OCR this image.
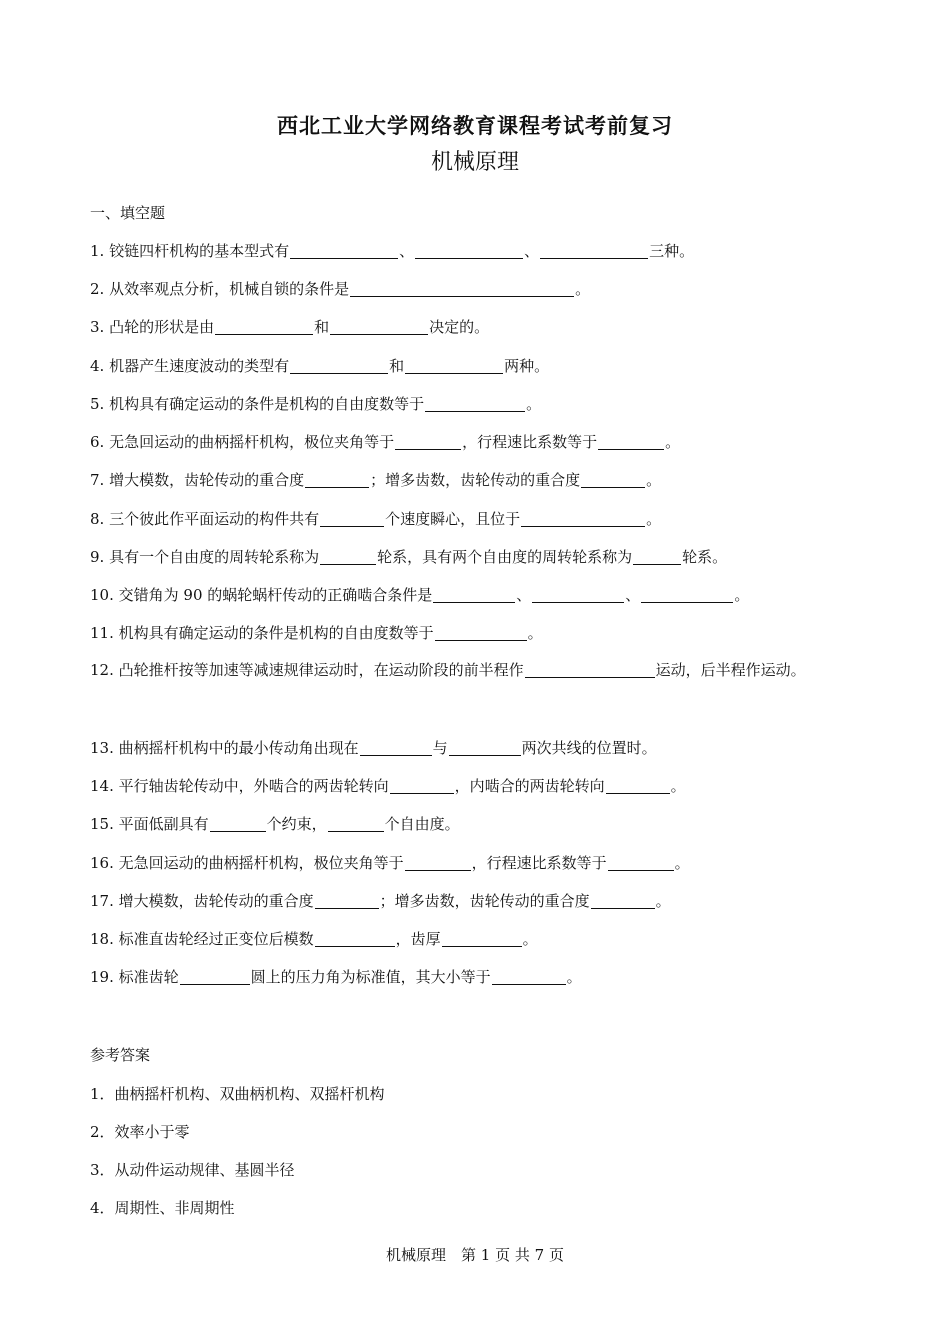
西北工业大学网络教育课程考试考前复习
机械原理
一、填空题
1. 铰链四杆机构的基本型式有	、	、	三种。
2. 从效率观点分析，机械自锁的条件是	。
3. 凸轮的形状是由	和	决定的。
4. 机器产生速度波动的类型有	和	两种。
5. 机构具有确定运动的条件是机构的自由度数等于	。
6. 无急回运动的曲柄摇杆机构，极位夹角等于	，行程速比系数等于	。
7. 增大模数，齿轮传动的重合度	；增多齿数，齿轮传动的重合度	。
8. 三个彼此作平面运动的构件共有	个速度瞬心，且位于	。
9. 具有一个自由度的周转轮系称为	轮系，具有两个自由度的周转轮系称为	轮系。
10. 交错角为 90 的蜗轮蜗杆传动的正确啮合条件是	、	、	。
11. 机构具有确定运动的条件是机构的自由度数等于	。
12. 凸轮推杆按等加速等减速规律运动时，在运动阶段的前半程作	运动，后半程作运动。
13. 曲柄摇杆机构中的最小传动角出现在	与	两次共线的位置时。
14. 平行轴齿轮传动中，外啮合的两齿轮转向	，内啮合的两齿轮转向	。
15. 平面低副具有	个约束，	个自由度。
16. 无急回运动的曲柄摇杆机构，极位夹角等于	，行程速比系数等于	。
17. 增大模数，齿轮传动的重合度	；增多齿数，齿轮传动的重合度	。
18. 标准直齿轮经过正变位后模数	，齿厚	。
19. 标准齿轮	圆上的压力角为标准值，其大小等于	。
参考答案
1．曲柄摇杆机构、双曲柄机构、双摇杆机构
2．效率小于零
3．从动件运动规律、基圆半径
4．周期性、非周期性
机械原理　第 1 页 共 7 页
